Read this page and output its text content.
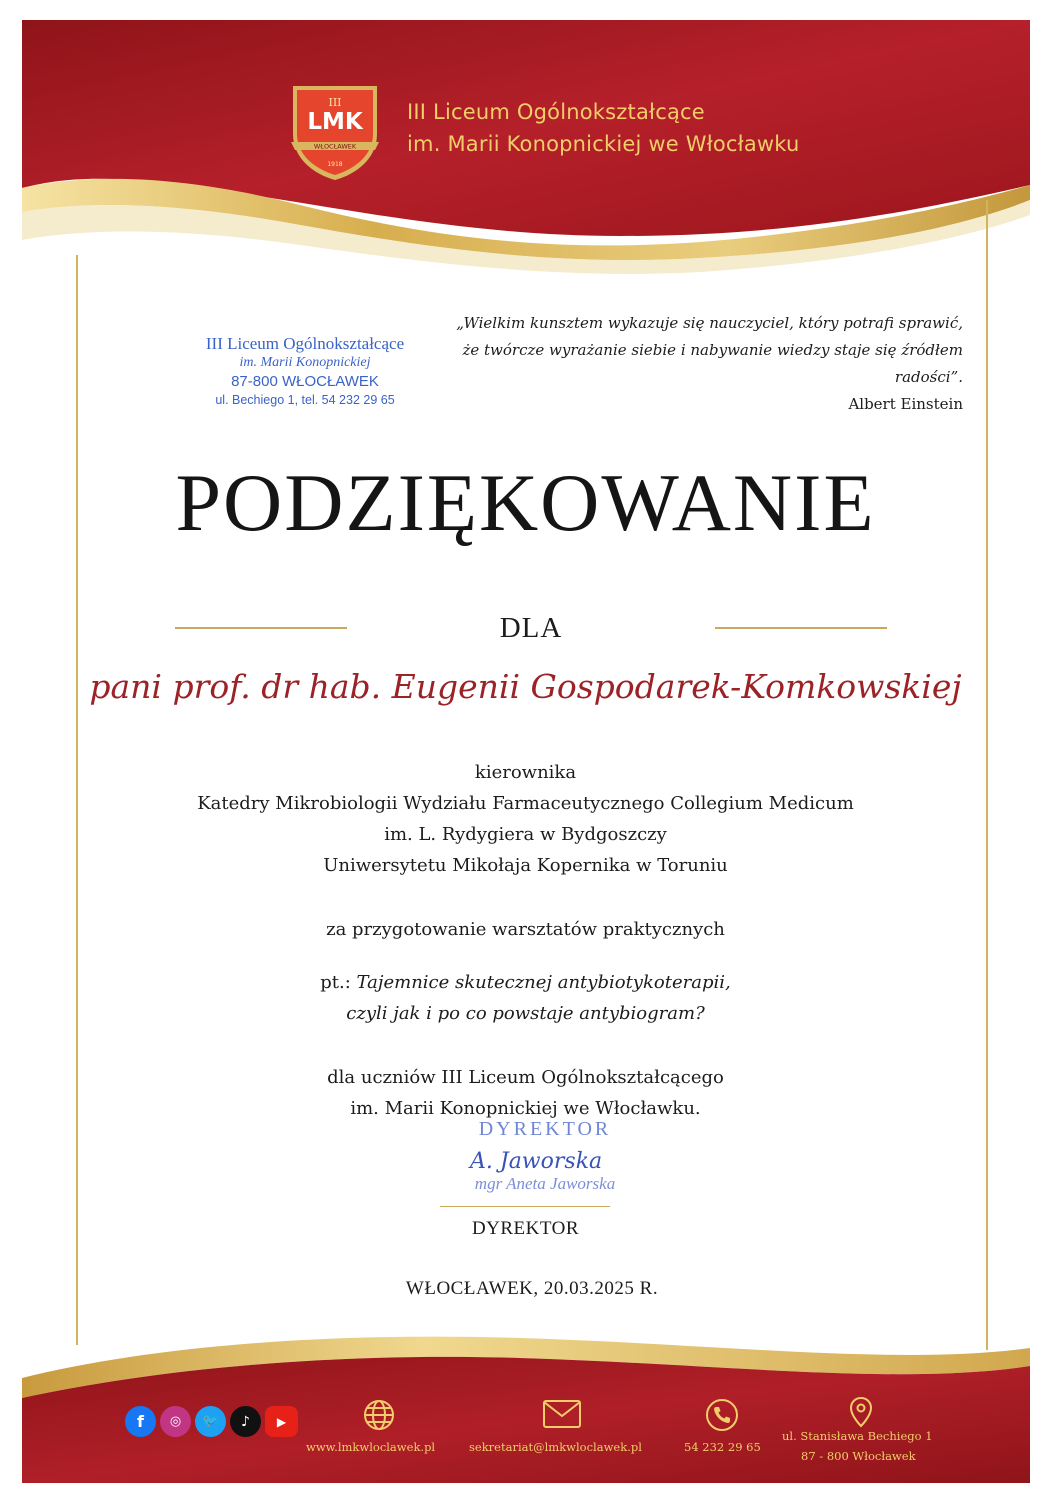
III
LMK
WŁOCŁAWEK
1918
III Liceum Ogólnokształcące
im. Marii Konopnickiej we Włocławku
III Liceum Ogólnokształcące
im. Marii Konopnickiej
87-800 WŁOCŁAWEK
ul. Bechiego 1, tel. 54 232 29 65
„Wielkim kunsztem wykazuje się nauczyciel, który potrafi sprawić,
że twórcze wyrażanie siebie i nabywanie wiedzy staje się źródłem
radości”.
Albert Einstein
PODZIĘKOWANIE
DLA
pani prof. dr hab. Eugenii Gospodarek-Komkowskiej
kierownika
Katedry Mikrobiologii Wydziału Farmaceutycznego Collegium Medicum
im. L. Rydygiera w Bydgoszczy
Uniwersytetu Mikołaja Kopernika w Toruniu
za przygotowanie warsztatów praktycznych
pt.: Tajemnice skutecznej antybiotykoterapii,
czyli jak i po co powstaje antybiogram?
dla uczniów III Liceum Ogólnokształcącego
im. Marii Konopnickiej we Włocławku.
DYREKTOR
A. Jaworska
mgr Aneta Jaworska
DYREKTOR
WŁOCŁAWEK, 20.03.2025 R.
f	◎	🐦	♪	▶
www.lmkwloclawek.pl	sekretariat@lmkwloclawek.pl	54 232 29 65
ul. Stanisława Bechiego 1
87 - 800 Włocławek
